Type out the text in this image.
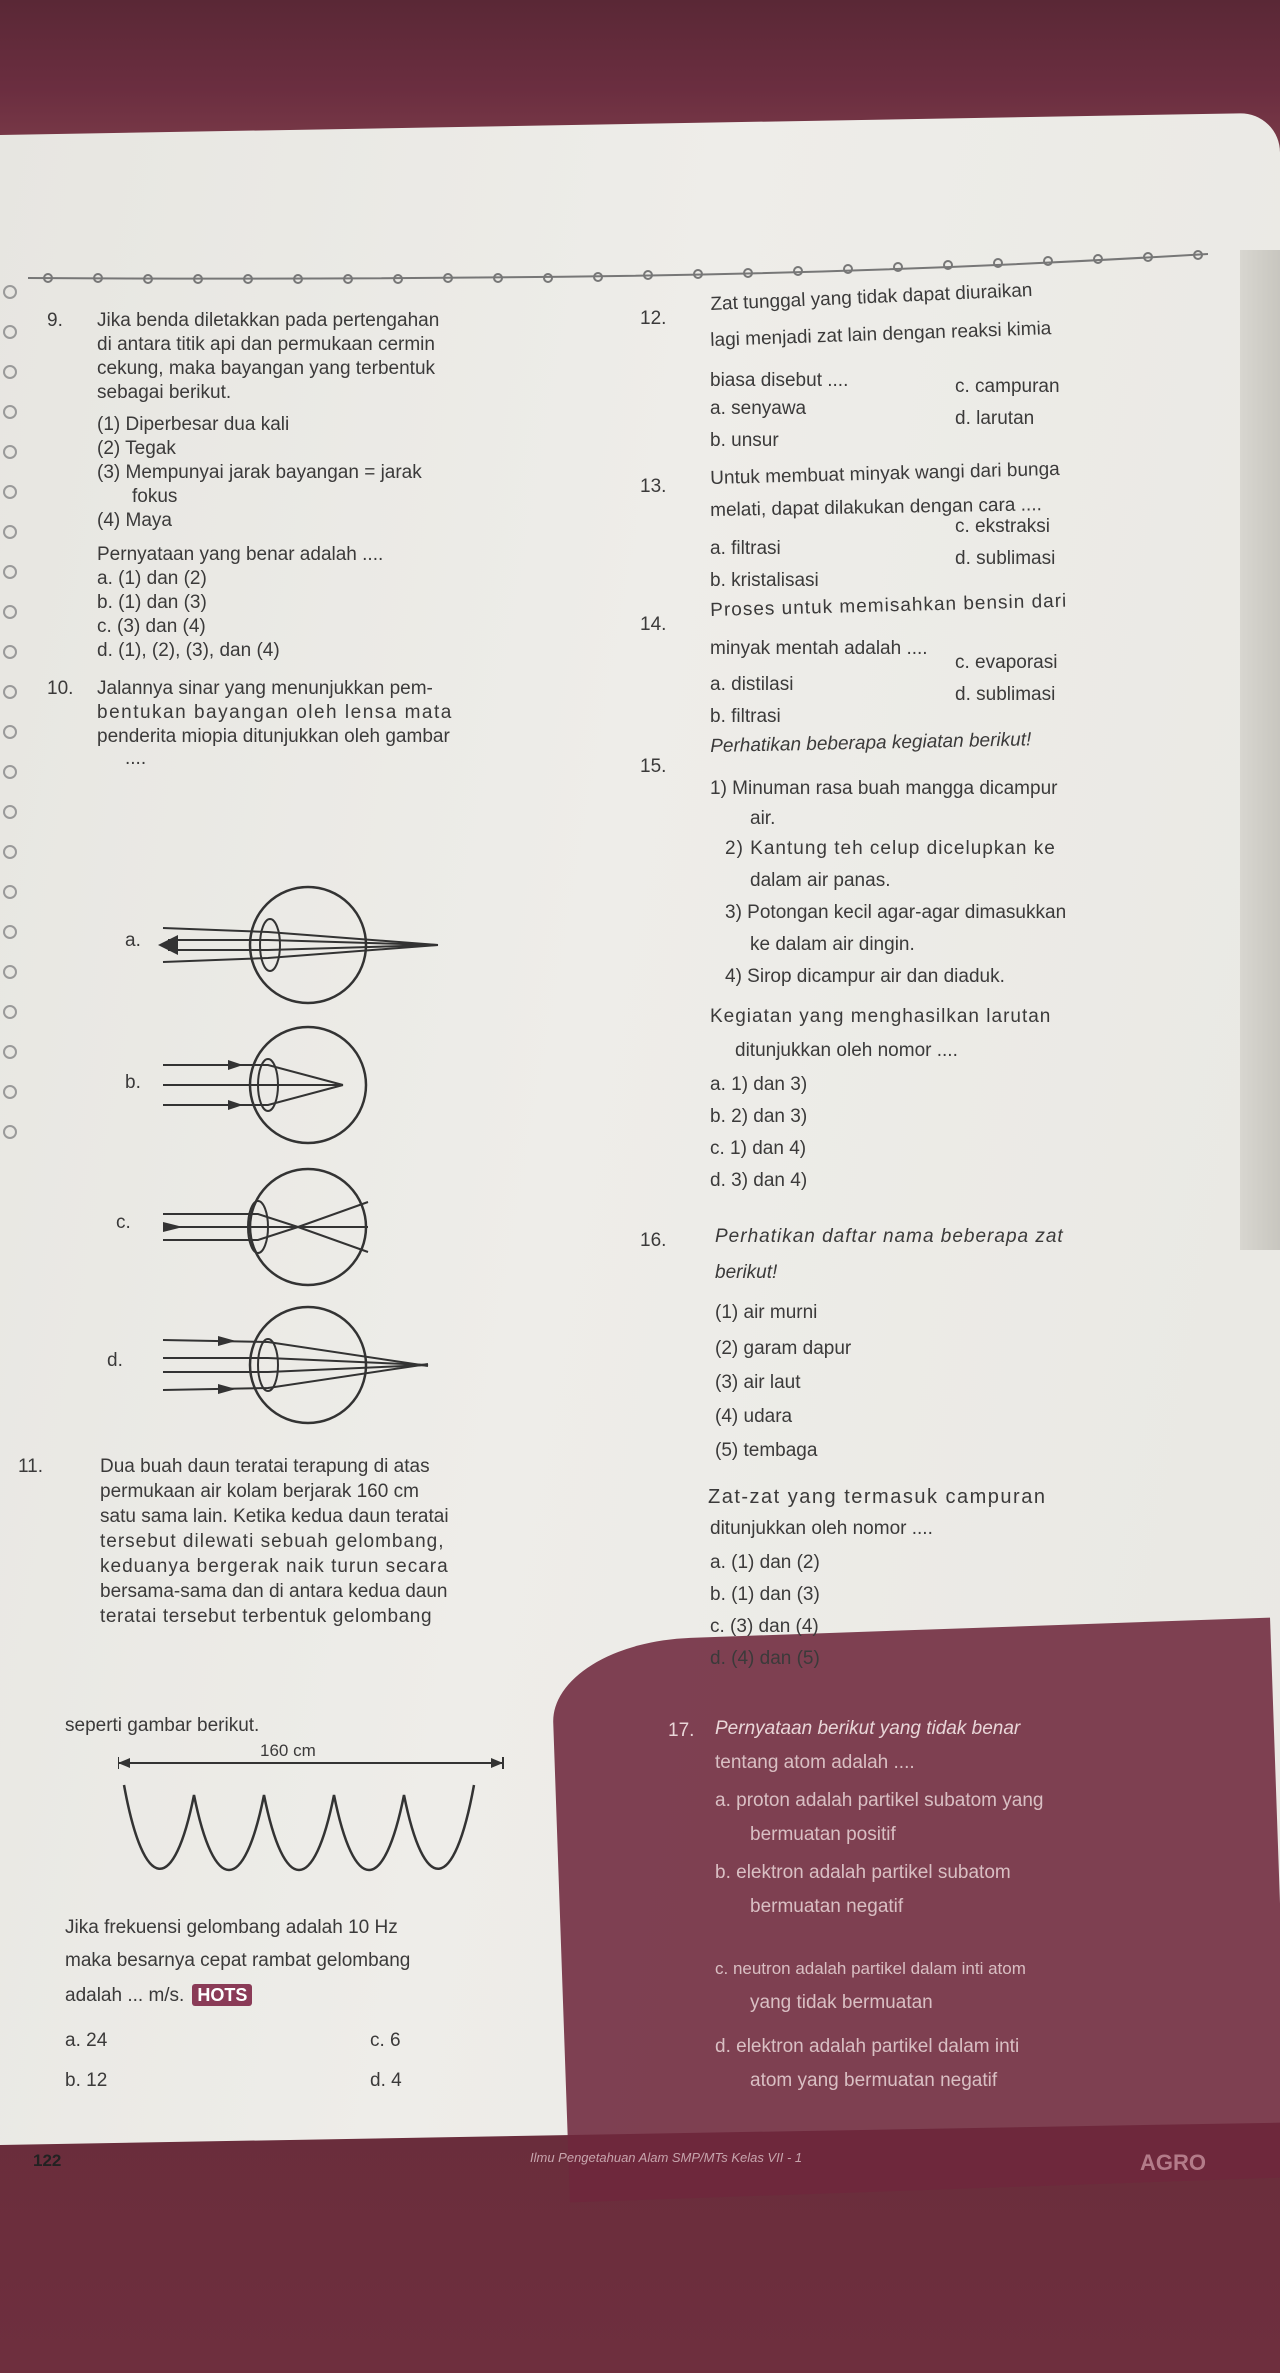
9. Jika benda diletakkan pada pertengahan
di antara titik api dan permukaan cermin
cekung, maka bayangan yang terbentuk
sebagai berikut.
(1) Diperbesar dua kali
(2) Tegak
(3) Mempunyai jarak bayangan = jarak
fokus
(4) Maya
Pernyataan yang benar adalah ....
a. (1) dan (2)
b. (1) dan (3)
c. (3) dan (4)
d. (1), (2), (3), dan (4)
10. Jalannya sinar yang menunjukkan pem-
bentukan bayangan oleh lensa mata
penderita miopia ditunjukkan oleh gambar
....
a.
b.
c.
d.
11.	Dua buah daun teratai terapung di atas
permukaan air kolam berjarak 160 cm
satu sama lain. Ketika kedua daun teratai
tersebut dilewati sebuah gelombang,
keduanya bergerak naik turun secara
bersama-sama dan di antara kedua daun
teratai tersebut terbentuk gelombang
seperti gambar berikut.
160 cm
Jika frekuensi gelombang adalah 10 Hz
maka besarnya cepat rambat gelombang
adalah ... m/s. HOTS
a. 24
b. 12
c. 6
d. 4
12.
Zat tunggal yang tidak dapat diuraikan
lagi menjadi zat lain dengan reaksi kimia
biasa disebut ....
a. senyawa
b. unsur
c. campuran
d. larutan
13. Untuk membuat minyak wangi dari bunga
melati, dapat dilakukan dengan cara ....
a. filtrasi
b. kristalisasi
c. ekstraksi
d. sublimasi
14.
Proses untuk memisahkan bensin dari
minyak mentah adalah ....
a. distilasi
b. filtrasi
c. evaporasi
d. sublimasi
15.
Perhatikan beberapa kegiatan berikut!
1) Minuman rasa buah mangga dicampur
air.
2) Kantung teh celup dicelupkan ke
dalam air panas.
3) Potongan kecil agar-agar dimasukkan
ke dalam air dingin.
4) Sirop dicampur air dan diaduk.
Kegiatan yang menghasilkan larutan
ditunjukkan oleh nomor ....
a. 1) dan 3)
b. 2) dan 3)
c. 1) dan 4)
d. 3) dan 4)
16.	Perhatikan daftar nama beberapa zat
berikut!
(1) air murni
(2) garam dapur
(3) air laut
(4) udara
(5) tembaga
Zat-zat yang termasuk campuran
ditunjukkan oleh nomor ....
a. (1) dan (2)
b. (1) dan (3)
c. (3) dan (4)
d. (4) dan (5)
17. Pernyataan berikut yang tidak benar
tentang atom adalah ....
a. proton adalah partikel subatom yang
bermuatan positif
b. elektron adalah partikel subatom
bermuatan negatif
c. neutron adalah partikel dalam inti atom
yang tidak bermuatan
d. elektron adalah partikel dalam inti
atom yang bermuatan negatif
122	Ilmu Pengetahuan Alam SMP/MTs Kelas VII - 1	AGRO
